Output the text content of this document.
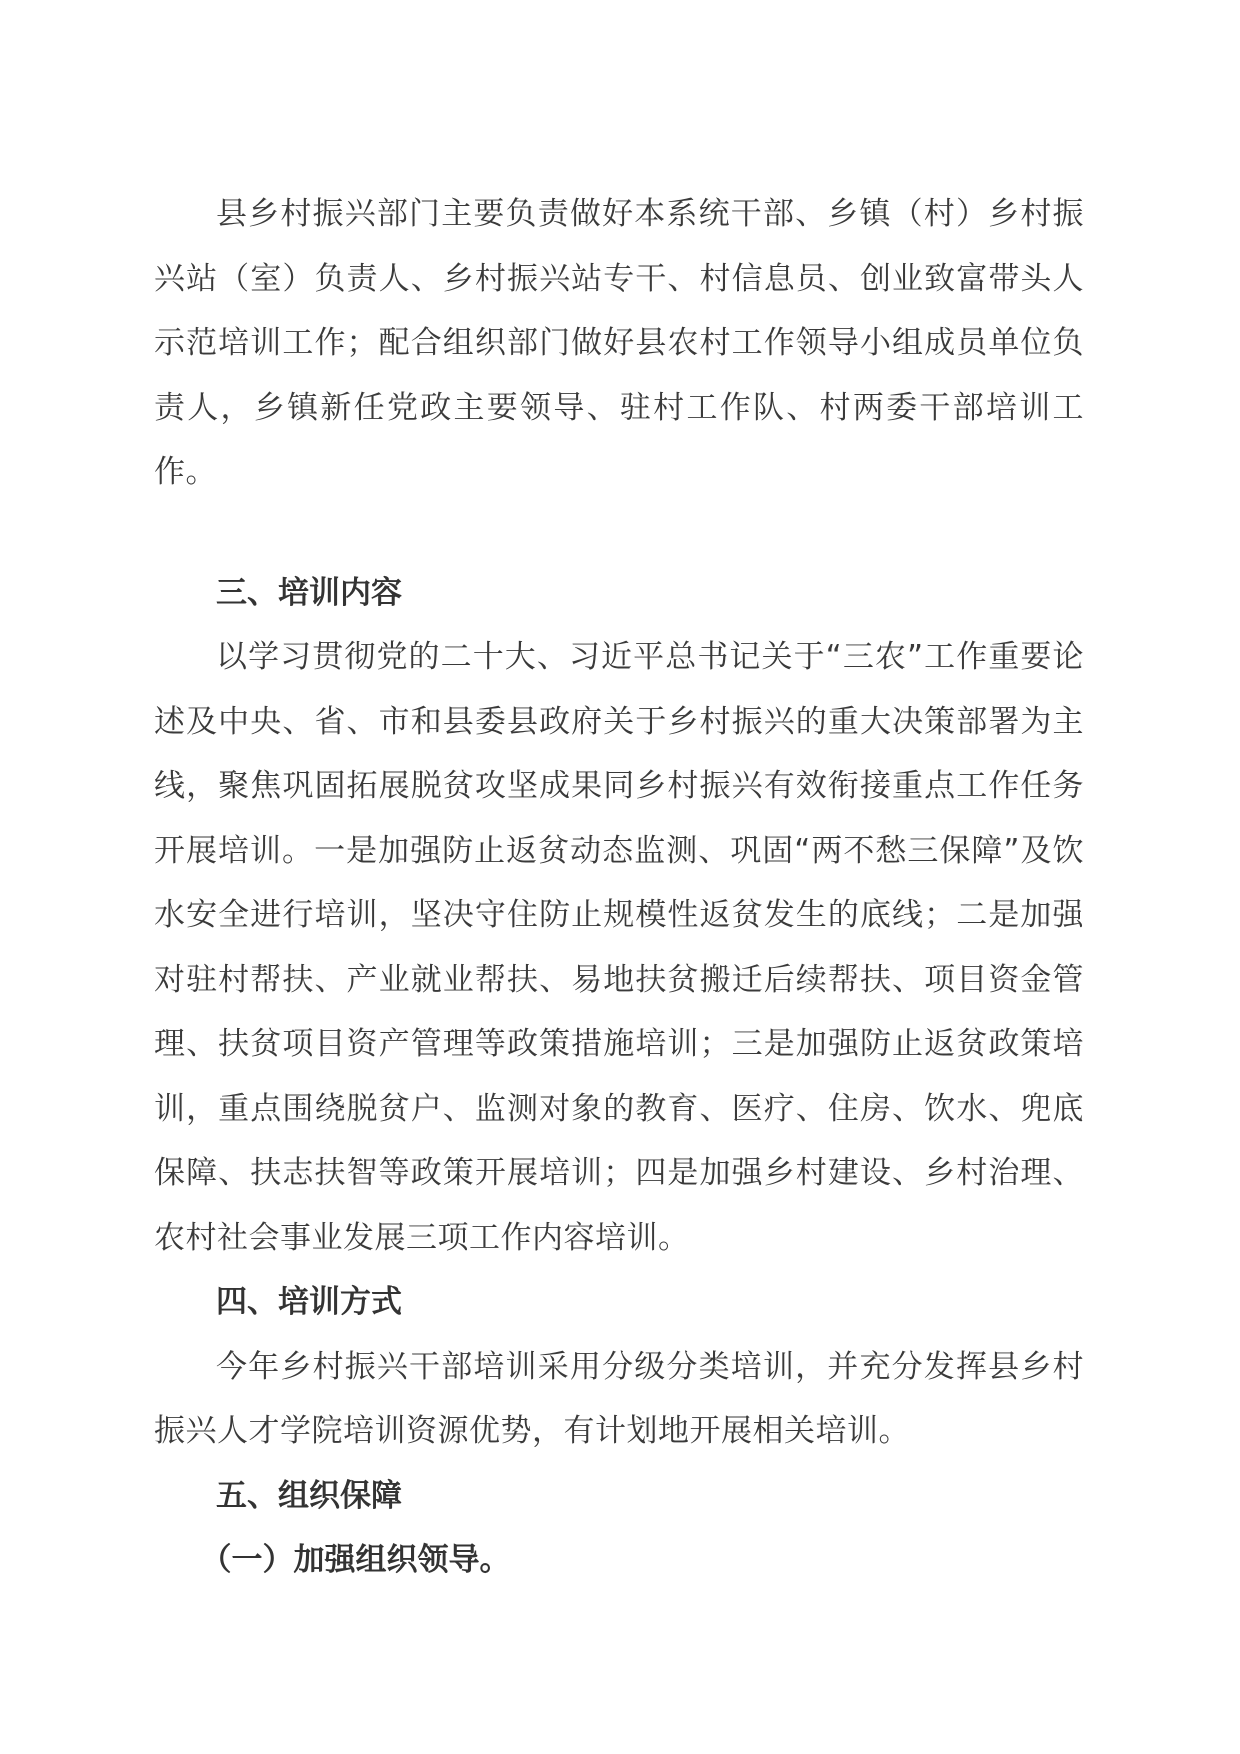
县乡村振兴部门主要负责做好本系统干部、乡镇（村）乡村振兴站（室）负责人、乡村振兴站专干、村信息员、创业致富带头人示范培训工作；配合组织部门做好县农村工作领导小组成员单位负责人，乡镇新任党政主要领导、驻村工作队、村两委干部培训工作。

三、培训内容

以学习贯彻党的二十大、习近平总书记关于“三农”工作重要论述及中央、省、市和县委县政府关于乡村振兴的重大决策部署为主线，聚焦巩固拓展脱贫攻坚成果同乡村振兴有效衔接重点工作任务开展培训。一是加强防止返贫动态监测、巩固“两不愁三保障”及饮水安全进行培训，坚决守住防止规模性返贫发生的底线；二是加强对驻村帮扶、产业就业帮扶、易地扶贫搬迁后续帮扶、项目资金管理、扶贫项目资产管理等政策措施培训；三是加强防止返贫政策培训，重点围绕脱贫户、监测对象的教育、医疗、住房、饮水、兜底保障、扶志扶智等政策开展培训；四是加强乡村建设、乡村治理、农村社会事业发展三项工作内容培训。

四、培训方式

今年乡村振兴干部培训采用分级分类培训，并充分发挥县乡村振兴人才学院培训资源优势，有计划地开展相关培训。

五、组织保障

（一）加强组织领导。
